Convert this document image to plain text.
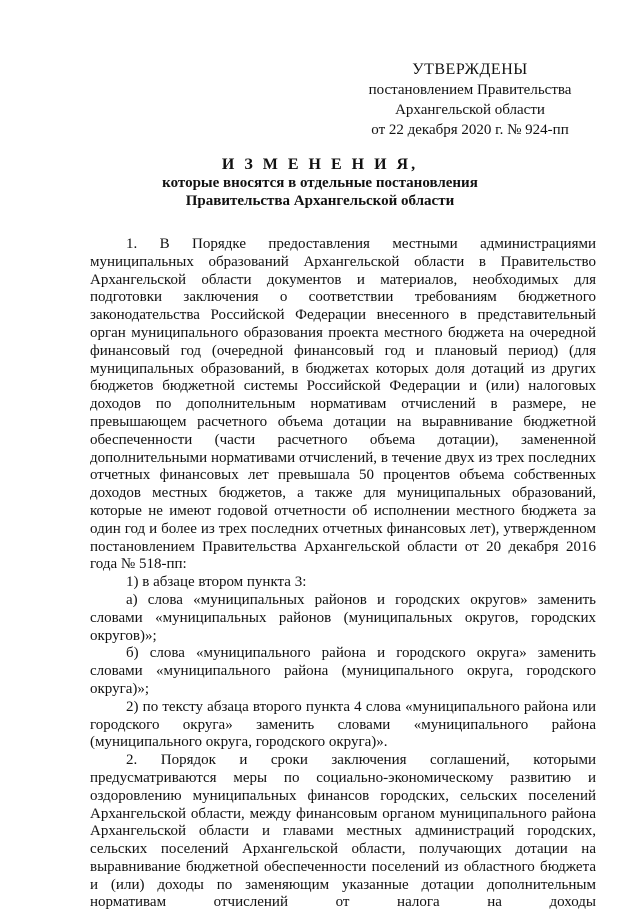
УТВЕРЖДЕНЫ
постановлением Правительства
Архангельской области
от 22 декабря 2020 г. № 924-пп
И З М Е Н Е Н И Я,
которые вносятся в отдельные постановления
Правительства Архангельской области

1. В Порядке предоставления местными администрациями муниципальных образований Архангельской области в Правительство Архангельской области документов и материалов, необходимых для подготовки заключения о соответствии требованиям бюджетного законодательства Российской Федерации внесенного в представительный орган муниципального образования проекта местного бюджета на очередной финансовый год (очередной финансовый год и плановый период) (для муниципальных образований, в бюджетах которых доля дотаций из других бюджетов бюджетной системы Российской Федерации и (или) налоговых доходов по дополнительным нормативам отчислений в размере, не превышающем расчетного объема дотации на выравнивание бюджетной обеспеченности (части расчетного объема дотации), замененной дополнительными нормативами отчислений, в течение двух из трех последних отчетных финансовых лет превышала 50 процентов объема собственных доходов местных бюджетов, а также для муниципальных образований, которые не имеют годовой отчетности об исполнении местного бюджета за один год и более из трех последних отчетных финансовых лет), утвержденном постановлением Правительства Архангельской области от 20 декабря 2016 года № 518-пп:

1) в абзаце втором пункта 3:

а) слова «муниципальных районов и городских округов» заменить словами «муниципальных районов (муниципальных округов, городских округов)»;

б) слова «муниципального района и городского округа» заменить словами «муниципального района (муниципального округа, городского округа)»;

2) по тексту абзаца второго пункта 4 слова «муниципального района или городского округа» заменить словами «муниципального района (муниципального округа, городского округа)».

2. Порядок и сроки заключения соглашений, которыми предусматриваются меры по социально-экономическому развитию и оздоровлению муниципальных финансов городских, сельских поселений Архангельской области, между финансовым органом муниципального района Архангельской области и главами местных администраций городских, сельских поселений Архангельской области, получающих дотации на выравнивание бюджетной обеспеченности поселений из областного бюджета и (или) доходы по заменяющим указанные дотации дополнительным нормативам отчислений от налога на доходы
